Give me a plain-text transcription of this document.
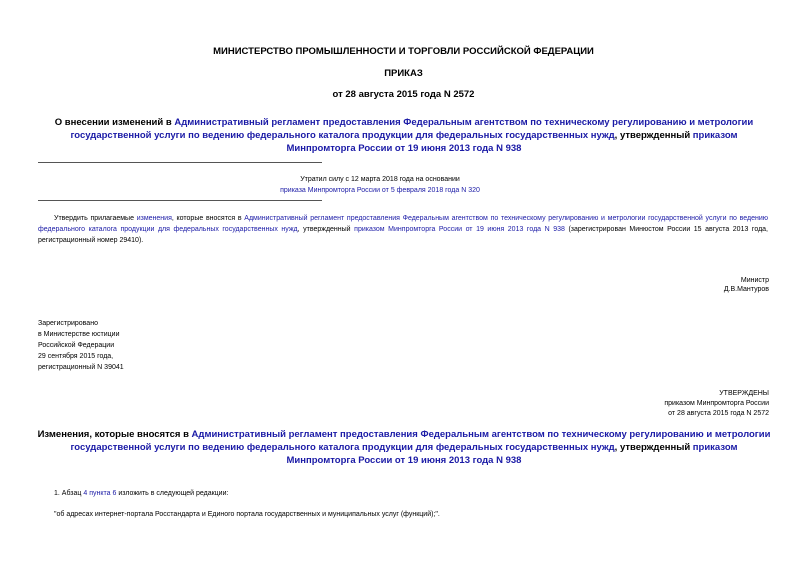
МИНИСТЕРСТВО ПРОМЫШЛЕННОСТИ И ТОРГОВЛИ РОССИЙСКОЙ ФЕДЕРАЦИИ
ПРИКАЗ
от 28 августа 2015 года N 2572
О внесении изменений в Административный регламент предоставления Федеральным агентством по техническому регулированию и метрологии государственной услуги по ведению федерального каталога продукции для федеральных государственных нужд, утвержденный приказом Минпромторга России от 19 июня 2013 года N 938
Утратил силу с 12 марта 2018 года на основании
приказа Минпромторга России от 5 февраля 2018 года N 320
Утвердить прилагаемые изменения, которые вносятся в Административный регламент предоставления Федеральным агентством по техническому регулированию и метрологии государственной услуги по ведению федерального каталога продукции для федеральных государственных нужд, утвержденный приказом Минпромторга России от 19 июня 2013 года N 938 (зарегистрирован Минюстом России 15 августа 2013 года, регистрационный номер 29410).
Министр
Д.В.Мантуров
Зарегистрировано
в Министерстве юстиции
Российской Федерации
29 сентября 2015 года,
регистрационный N 39041
УТВЕРЖДЕНЫ
приказом Минпромторга России
от 28 августа 2015 года N 2572
Изменения, которые вносятся в Административный регламент предоставления Федеральным агентством по техническому регулированию и метрологии государственной услуги по ведению федерального каталога продукции для федеральных государственных нужд, утвержденный приказом Минпромторга России от 19 июня 2013 года N 938
1. Абзац 4 пункта 6 изложить в следующей редакции:
"об адресах интернет-портала Росстандарта и Единого портала государственных и муниципальных услуг (функций);".
